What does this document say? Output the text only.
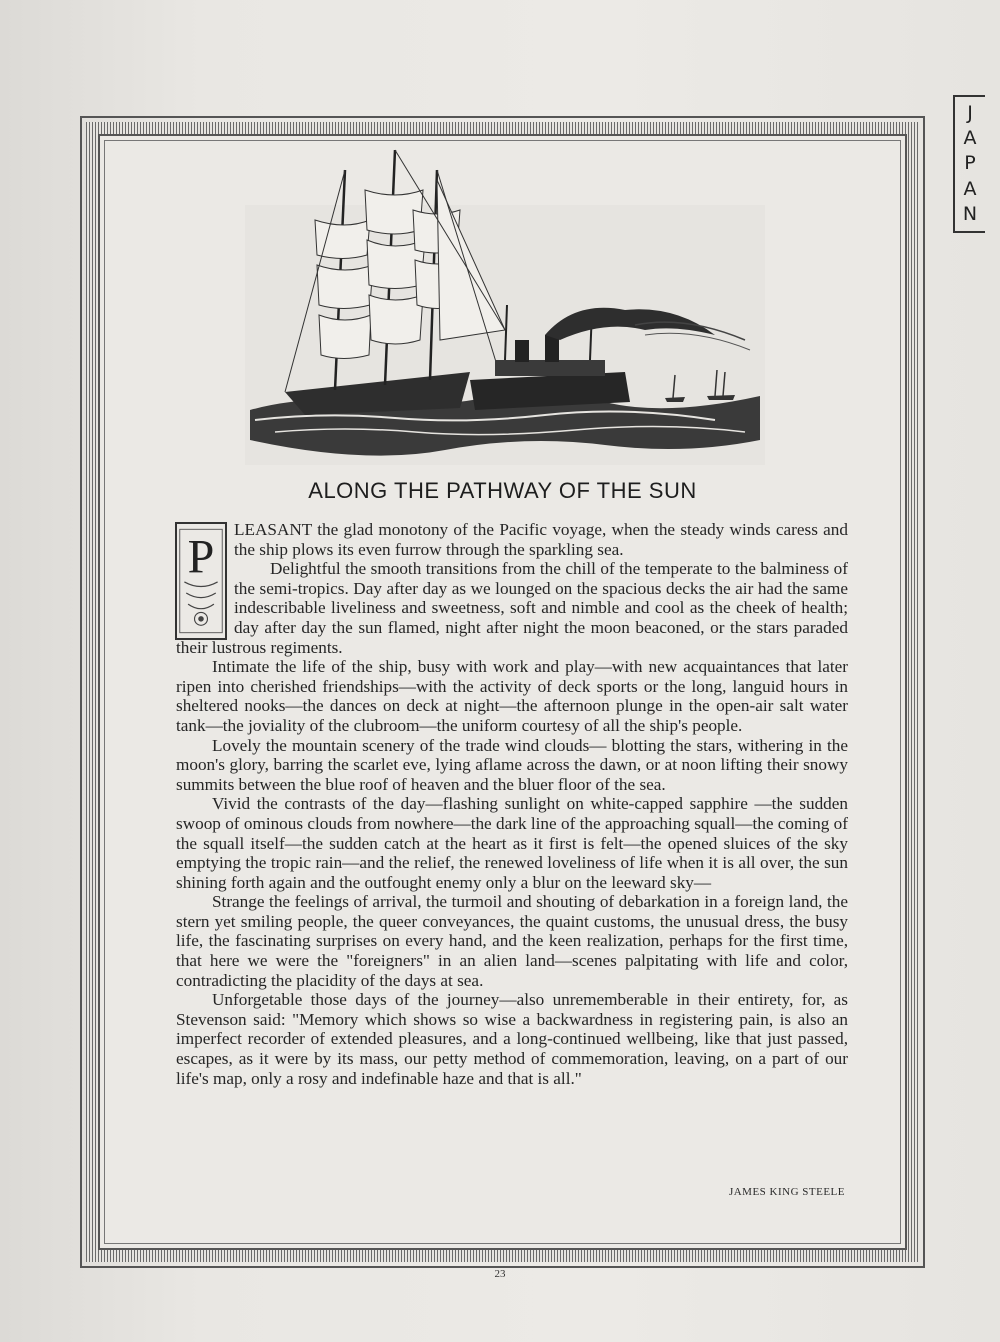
J
A
P
A
N
ALONG THE PATHWAY OF THE SUN
P

LEASANT the glad monotony of the Pacific voyage, when the steady winds caress and the ship plows its even furrow through the sparkling sea.

Delightful the smooth transitions from the chill of the temperate to the balminess of the semi-tropics. Day after day as we lounged on the spacious decks the air had the same indescribable liveliness and sweetness, soft and nimble and cool as the cheek of health; day after day the sun flamed, night after night the moon beaconed, or the stars paraded their lustrous regiments.

Intimate the life of the ship, busy with work and play—with new acquaintances that later ripen into cherished friendships—with the activity of deck sports or the long, languid hours in sheltered nooks—the dances on deck at night—the afternoon plunge in the open-air salt water tank—the joviality of the clubroom—the uniform courtesy of all the ship's people.

Lovely the mountain scenery of the trade wind clouds— blotting the stars, withering in the moon's glory, barring the scarlet eve, lying aflame across the dawn, or at noon lifting their snowy summits between the blue roof of heaven and the bluer floor of the sea.

Vivid the contrasts of the day—flashing sunlight on white-capped sapphire —the sudden swoop of ominous clouds from nowhere—the dark line of the approaching squall—the coming of the squall itself—the sudden catch at the heart as it first is felt—the opened sluices of the sky emptying the tropic rain—and the relief, the renewed loveliness of life when it is all over, the sun shining forth again and the outfought enemy only a blur on the leeward sky—

Strange the feelings of arrival, the turmoil and shouting of debarkation in a foreign land, the stern yet smiling people, the queer conveyances, the quaint customs, the unusual dress, the busy life, the fascinating surprises on every hand, and the keen realization, perhaps for the first time, that here we were the "foreigners" in an alien land—scenes palpitating with life and color, contradicting the placidity of the days at sea.

Unforgetable those days of the journey—also unrememberable in their entirety, for, as Stevenson said: "Memory which shows so wise a backwardness in registering pain, is also an imperfect recorder of extended pleasures, and a long-continued wellbeing, like that just passed, escapes, as it were by its mass, our petty method of commemoration, leaving, on a part of our life's map, only a rosy and indefinable haze and that is all."

JAMES KING STEELE
23
